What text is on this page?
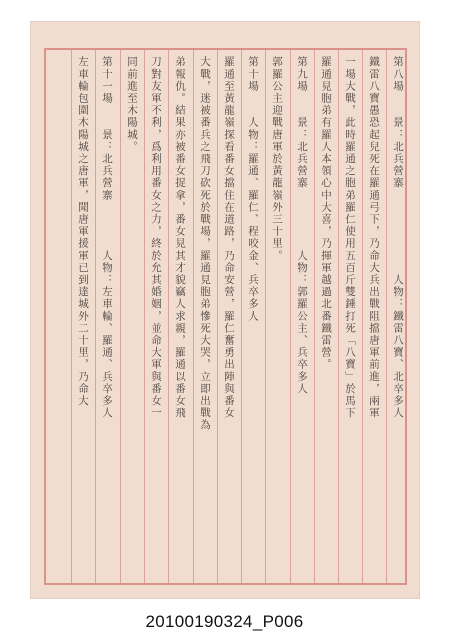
第八場　　景：北兵營寨　　　　　　　人物：鐵雷八寶、北卒多人
鐵雷八寶愚恐起兒死在羅通弓下，乃命大兵出戰阻擋唐軍前進，兩軍
一場大戰，此時羅通之胞弟羅仁使用五百斤雙錘打死「八寶」於馬下
羅通見胞弟有羅人本領心中大喜，乃揮軍越過北番鐵雷營。
第九場　　景：北兵營寨　　　　　人物：郭羅公主、兵卒多人
郭羅公主迎戰唐軍於黃龍嶺外三十里。
第十場　　人物：羅通、羅仁、程咬金、兵卒多人
羅通至黃龍嶺探看番女擋住在道路，乃命安營，羅仁奮勇出陣與番女
大戰，迷被番兵之飛刀砍死於戰場，羅通見胞弟慘死大哭，立即出戰為
弟報仇。結果亦被番女捉拿，番女見其才貌竊人求親，羅通以番女飛
刀對友軍不利，爲利用番女之力，終於允其婚姻，並命大軍與番女一
同前進至木陽城。
第十一場　　景：北兵營寨　　　　人物：左車輪、羅通、兵卒多人
左車輪包圍木陽城之唐軍，聞唐軍援軍已到達城外二十里，乃命大
20100190324_P006
